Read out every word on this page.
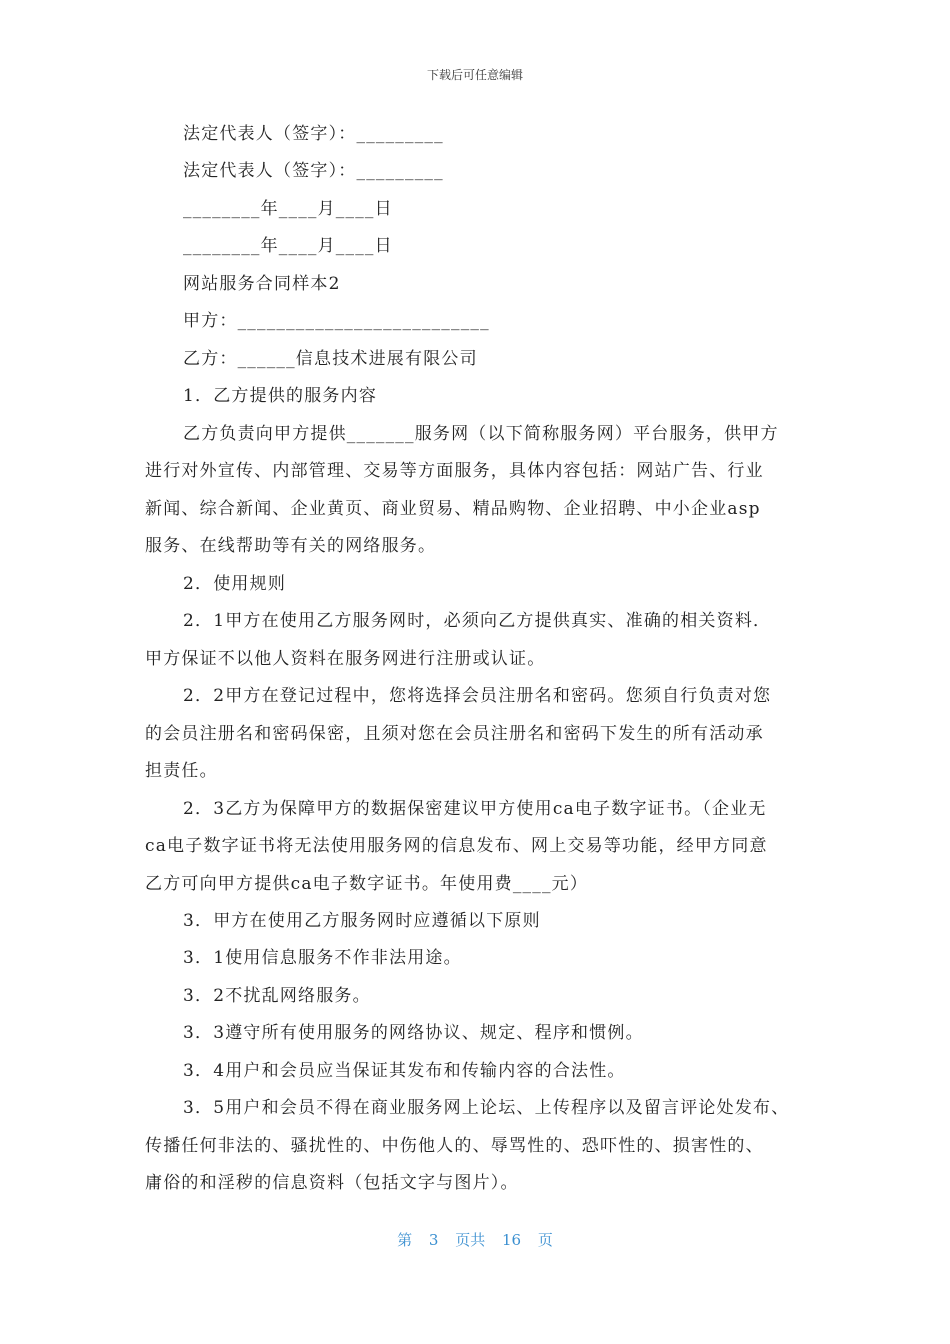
下载后可任意编辑
法定代表人（签字）：_________
法定代表人（签字）：_________
________年____月____日
________年____月____日
网站服务合同样本2
甲方：__________________________
乙方：______信息技术进展有限公司
1．乙方提供的服务内容
乙方负责向甲方提供_______服务网（以下简称服务网）平台服务，供甲方
进行对外宣传、内部管理、交易等方面服务，具体内容包括：网站广告、行业
新闻、综合新闻、企业黄页、商业贸易、精品购物、企业招聘、中小企业asp
服务、在线帮助等有关的网络服务。
2．使用规则
2．1甲方在使用乙方服务网时，必须向乙方提供真实、准确的相关资料．
甲方保证不以他人资料在服务网进行注册或认证。
2．2甲方在登记过程中，您将选择会员注册名和密码。您须自行负责对您
的会员注册名和密码保密，且须对您在会员注册名和密码下发生的所有活动承
担责任。
2．3乙方为保障甲方的数据保密建议甲方使用ca电子数字证书。（企业无
ca电子数字证书将无法使用服务网的信息发布、网上交易等功能，经甲方同意
乙方可向甲方提供ca电子数字证书。年使用费____元）
3．甲方在使用乙方服务网时应遵循以下原则
3．1使用信息服务不作非法用途。
3．2不扰乱网络服务。
3．3遵守所有使用服务的网络协议、规定、程序和惯例。
3．4用户和会员应当保证其发布和传输内容的合法性。
3．5用户和会员不得在商业服务网上论坛、上传程序以及留言评论处发布、
传播任何非法的、骚扰性的、中伤他人的、辱骂性的、恐吓性的、损害性的、
庸俗的和淫秽的信息资料（包括文字与图片）。
第 3 页共 16 页
